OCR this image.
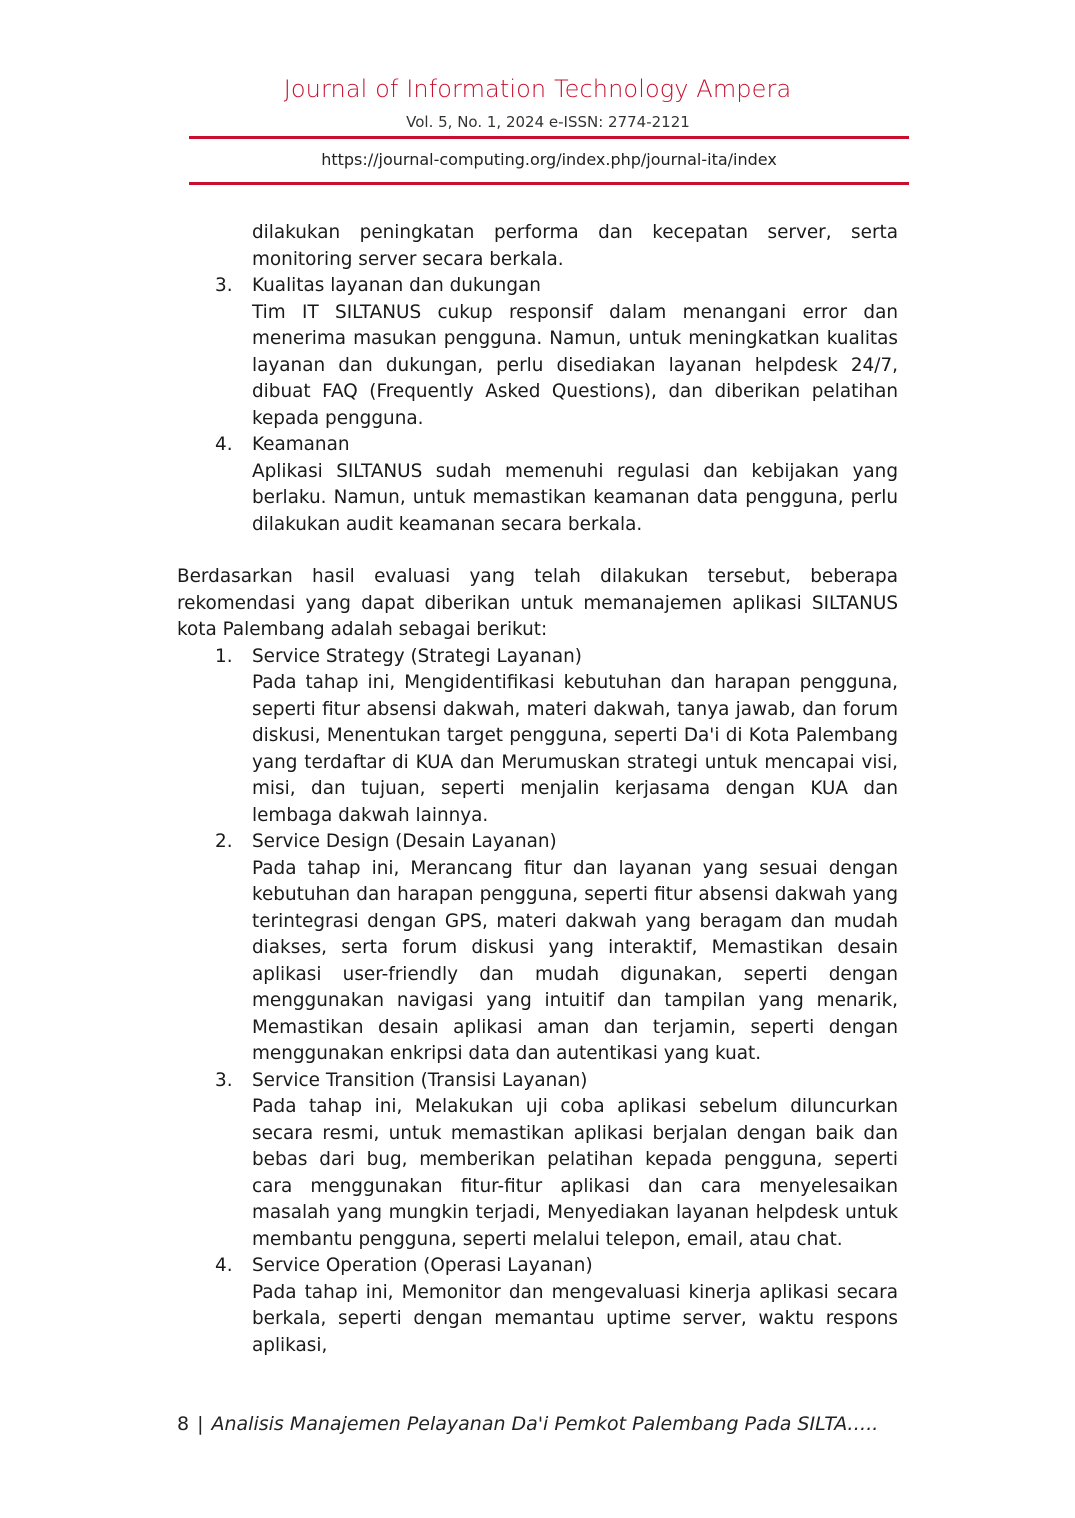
Journal of Information Technology Ampera
Vol. 5, No. 1, 2024 e-ISSN: 2774-2121
https://journal-computing.org/index.php/journal-ita/index
dilakukan peningkatan performa dan kecepatan server, serta monitoring server secara berkala.
3. Kualitas layanan dan dukungan
Tim IT SILTANUS cukup responsif dalam menangani error dan menerima masukan pengguna. Namun, untuk meningkatkan kualitas layanan dan dukungan, perlu disediakan layanan helpdesk 24/7, dibuat FAQ (Frequently Asked Questions), dan diberikan pelatihan kepada pengguna.
4. Keamanan
Aplikasi SILTANUS sudah memenuhi regulasi dan kebijakan yang berlaku. Namun, untuk memastikan keamanan data pengguna, perlu dilakukan audit keamanan secara berkala.
Berdasarkan hasil evaluasi yang telah dilakukan tersebut, beberapa rekomendasi yang dapat diberikan untuk memanajemen aplikasi SILTANUS kota Palembang adalah sebagai berikut:
1. Service Strategy (Strategi Layanan)
Pada tahap ini, Mengidentifikasi kebutuhan dan harapan pengguna, seperti fitur absensi dakwah, materi dakwah, tanya jawab, dan forum diskusi, Menentukan target pengguna, seperti Da'i di Kota Palembang yang terdaftar di KUA dan Merumuskan strategi untuk mencapai visi, misi, dan tujuan, seperti menjalin kerjasama dengan KUA dan lembaga dakwah lainnya.
2. Service Design (Desain Layanan)
Pada tahap ini, Merancang fitur dan layanan yang sesuai dengan kebutuhan dan harapan pengguna, seperti fitur absensi dakwah yang terintegrasi dengan GPS, materi dakwah yang beragam dan mudah diakses, serta forum diskusi yang interaktif, Memastikan desain aplikasi user-friendly dan mudah digunakan, seperti dengan menggunakan navigasi yang intuitif dan tampilan yang menarik, Memastikan desain aplikasi aman dan terjamin, seperti dengan menggunakan enkripsi data dan autentikasi yang kuat.
3. Service Transition (Transisi Layanan)
Pada tahap ini, Melakukan uji coba aplikasi sebelum diluncurkan secara resmi, untuk memastikan aplikasi berjalan dengan baik dan bebas dari bug, memberikan pelatihan kepada pengguna, seperti cara menggunakan fitur-fitur aplikasi dan cara menyelesaikan masalah yang mungkin terjadi, Menyediakan layanan helpdesk untuk membantu pengguna, seperti melalui telepon, email, atau chat.
4. Service Operation (Operasi Layanan)
Pada tahap ini, Memonitor dan mengevaluasi kinerja aplikasi secara berkala, seperti dengan memantau uptime server, waktu respons aplikasi,
8 | Analisis Manajemen Pelayanan Da'i Pemkot Palembang Pada SILTA…..
